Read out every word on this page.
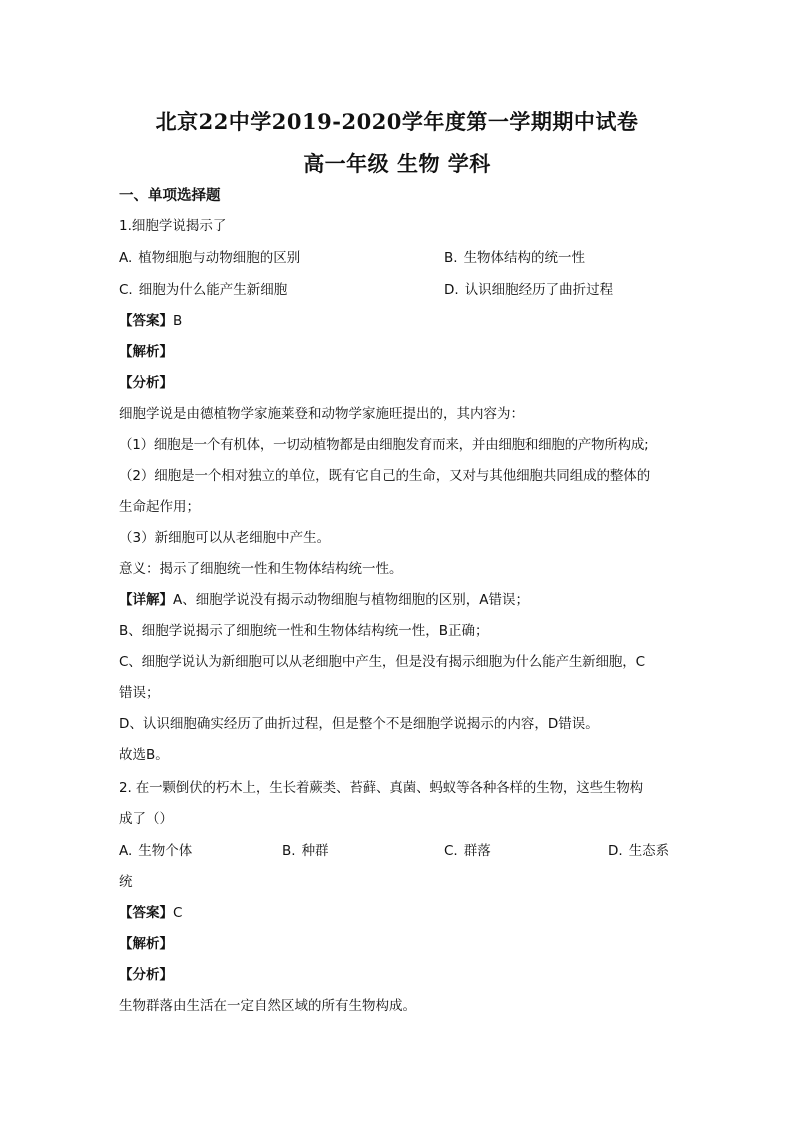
北京22中学2019-2020学年度第一学期期中试卷
高一年级 生物 学科
一、单项选择题
1.细胞学说揭示了
A. 植物细胞与动物细胞的区别	B. 生物体结构的统一性
C. 细胞为什么能产生新细胞	D. 认识细胞经历了曲折过程
【答案】B
【解析】
【分析】
细胞学说是由德植物学家施莱登和动物学家施旺提出的，其内容为：
（1）细胞是一个有机体，一切动植物都是由细胞发育而来，并由细胞和细胞的产物所构成;
（2）细胞是一个相对独立的单位，既有它自己的生命，又对与其他细胞共同组成的整体的
生命起作用；
（3）新细胞可以从老细胞中产生。
意义：揭示了细胞统一性和生物体结构统一性。
【详解】A、细胞学说没有揭示动物细胞与植物细胞的区别，A错误；
B、细胞学说揭示了细胞统一性和生物体结构统一性，B正确；
C、细胞学说认为新细胞可以从老细胞中产生，但是没有揭示细胞为什么能产生新细胞，C
错误；
D、认识细胞确实经历了曲折过程，但是整个不是细胞学说揭示的内容，D错误。
故选B。
2. 在一颗倒伏的朽木上，生长着蕨类、苔藓、真菌、蚂蚁等各种各样的生物，这些生物构
成了（）
A. 生物个体	B. 种群	C. 群落	D. 生态系
统
【答案】C
【解析】
【分析】
生物群落由生活在一定自然区域的所有生物构成。
